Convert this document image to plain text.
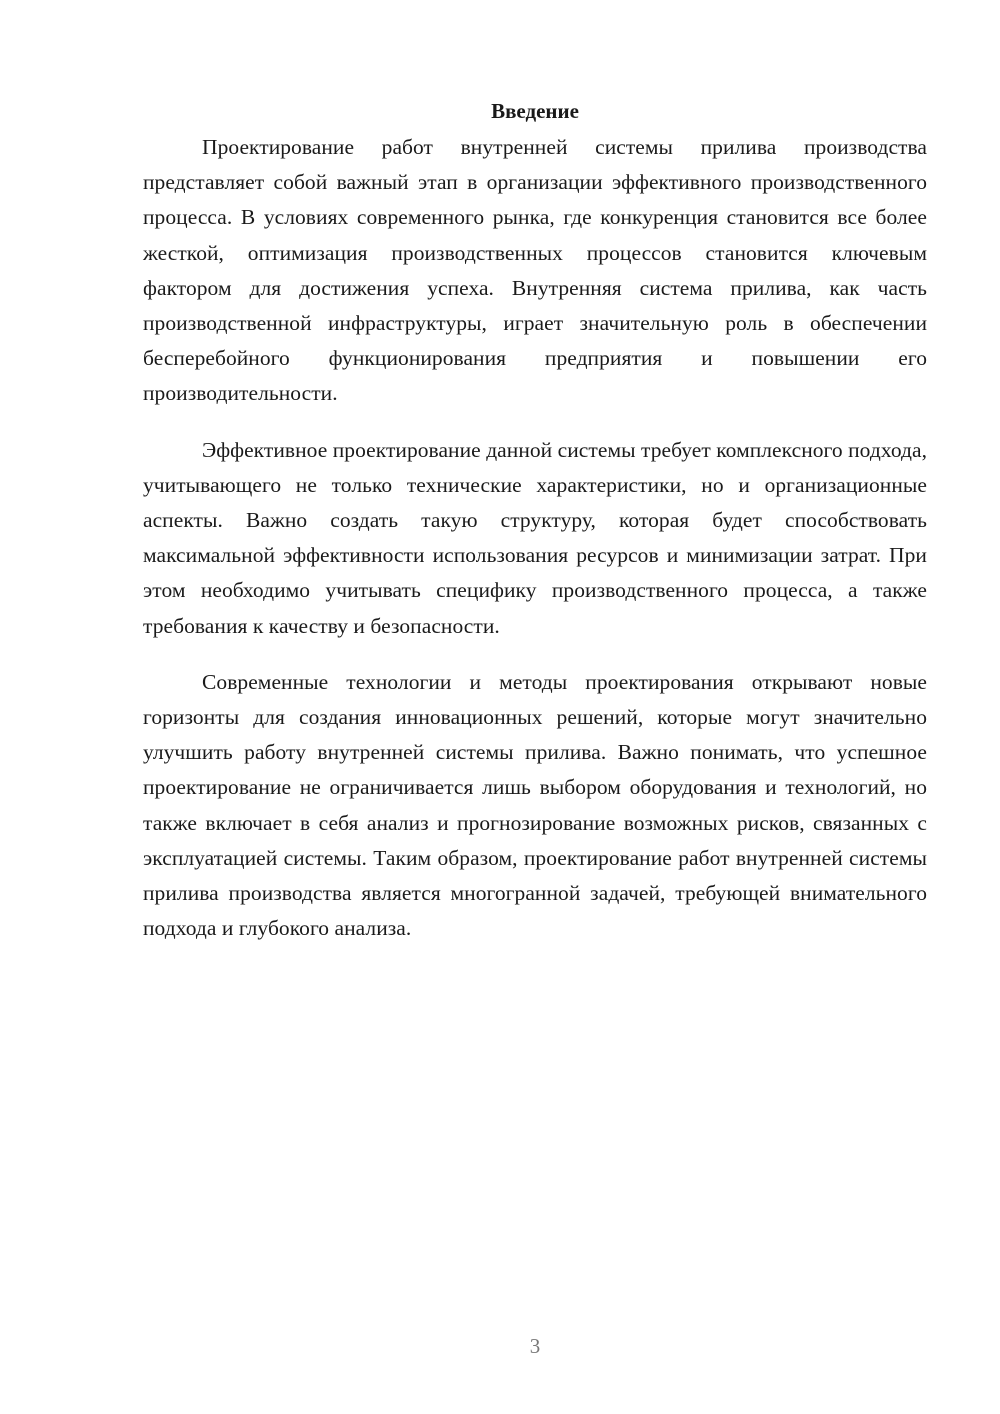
Введение

Проектирование работ внутренней системы прилива производства представляет собой важный этап в организации эффективного производственного процесса. В условиях современного рынка, где конкуренция становится все более жесткой, оптимизация производственных процессов становится ключевым фактором для достижения успеха. Внутренняя система прилива, как часть производственной инфраструктуры, играет значительную роль в обеспечении бесперебойного функционирования предприятия и повышении его производительности.

Эффективное проектирование данной системы требует комплексного подхода, учитывающего не только технические характеристики, но и организационные аспекты. Важно создать такую структуру, которая будет способствовать максимальной эффективности использования ресурсов и минимизации затрат. При этом необходимо учитывать специфику производственного процесса, а также требования к качеству и безопасности.

Современные технологии и методы проектирования открывают новые горизонты для создания инновационных решений, которые могут значительно улучшить работу внутренней системы прилива. Важно понимать, что успешное проектирование не ограничивается лишь выбором оборудования и технологий, но также включает в себя анализ и прогнозирование возможных рисков, связанных с эксплуатацией системы. Таким образом, проектирование работ внутренней системы прилива производства является многогранной задачей, требующей внимательного подхода и глубокого анализа.

3
